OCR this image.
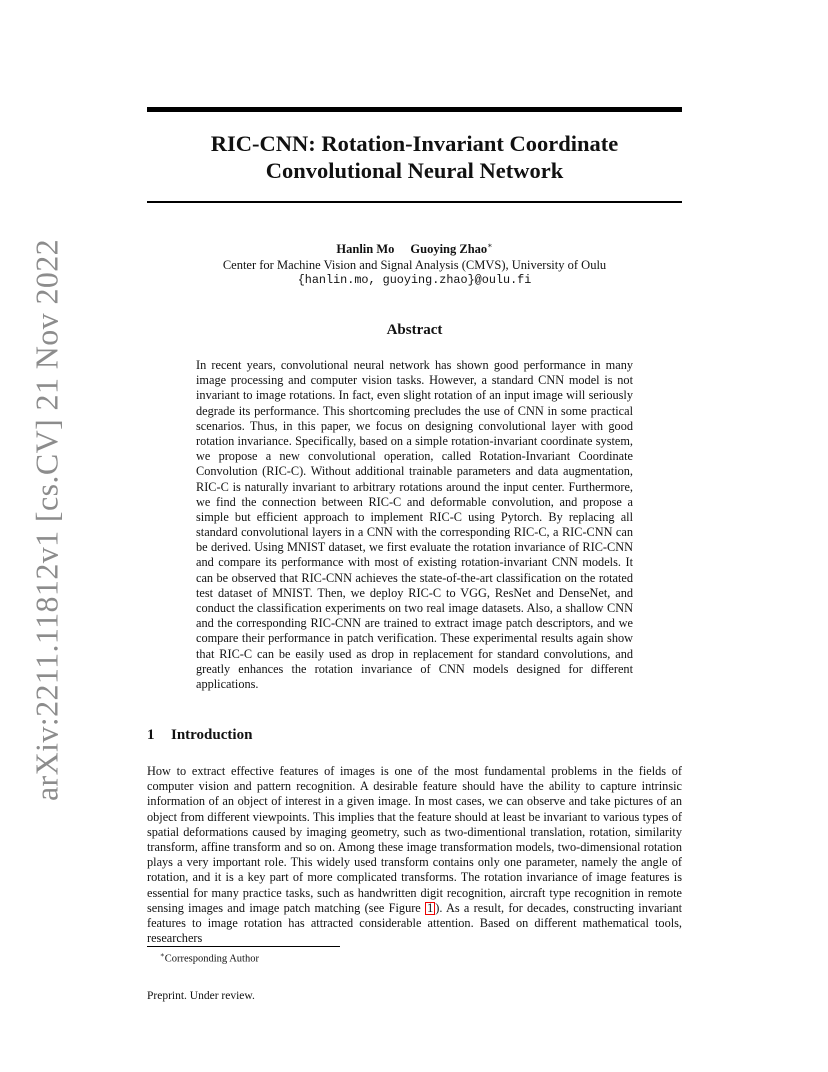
arXiv:2211.11812v1 [cs.CV] 21 Nov 2022
RIC-CNN: Rotation-Invariant Coordinate
Convolutional Neural Network
Hanlin Mo Guoying Zhao∗
Center for Machine Vision and Signal Analysis (CMVS), University of Oulu
{hanlin.mo, guoying.zhao}@oulu.fi
Abstract
In recent years, convolutional neural network has shown good performance in many image processing and computer vision tasks. However, a standard CNN model is not invariant to image rotations. In fact, even slight rotation of an input image will seriously degrade its performance. This shortcoming precludes the use of CNN in some practical scenarios. Thus, in this paper, we focus on designing convolutional layer with good rotation invariance. Specifically, based on a simple rotation-invariant coordinate system, we propose a new convolutional operation, called Rotation-Invariant Coordinate Convolution (RIC-C). Without additional trainable parameters and data augmentation, RIC-C is naturally invariant to arbitrary rotations around the input center. Furthermore, we find the connection between RIC-C and deformable convolution, and propose a simple but efficient approach to implement RIC-C using Pytorch. By replacing all standard convolutional layers in a CNN with the corresponding RIC-C, a RIC-CNN can be derived. Using MNIST dataset, we first evaluate the rotation invariance of RIC-CNN and compare its performance with most of existing rotation-invariant CNN models. It can be observed that RIC-CNN achieves the state-of-the-art classification on the rotated test dataset of MNIST. Then, we deploy RIC-C to VGG, ResNet and DenseNet, and conduct the classification experiments on two real image datasets. Also, a shallow CNN and the corresponding RIC-CNN are trained to extract image patch descriptors, and we compare their performance in patch verification. These experimental results again show that RIC-C can be easily used as drop in replacement for standard convolutions, and greatly enhances the rotation invariance of CNN models designed for different applications.
1 Introduction
How to extract effective features of images is one of the most fundamental problems in the fields of computer vision and pattern recognition. A desirable feature should have the ability to capture intrinsic information of an object of interest in a given image. In most cases, we can observe and take pictures of an object from different viewpoints. This implies that the feature should at least be invariant to various types of spatial deformations caused by imaging geometry, such as two-dimentional translation, rotation, similarity transform, affine transform and so on. Among these image transformation models, two-dimensional rotation plays a very important role. This widely used transform contains only one parameter, namely the angle of rotation, and it is a key part of more complicated transforms. The rotation invariance of image features is essential for many practice tasks, such as handwritten digit recognition, aircraft type recognition in remote sensing images and image patch matching (see Figure 1 ). As a result, for decades, constructing invariant features to image rotation has attracted considerable attention. Based on different mathematical tools, researchers
∗Corresponding Author
Preprint. Under review.
